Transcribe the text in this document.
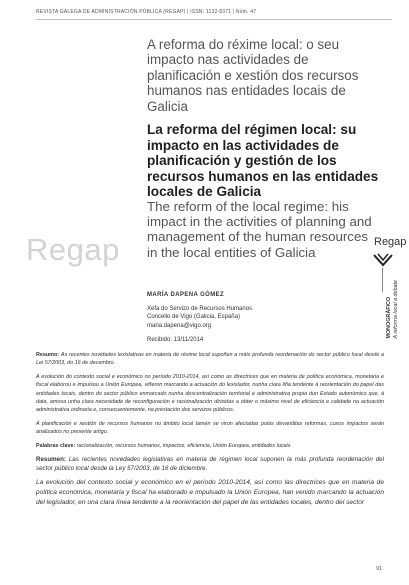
REVISTA GALEGA DE ADMINISTRACIÓN PÚBLICA (REGAP) | ISSN: 1132-8371 | Núm. 47
A reforma do réxime local: o seu impacto nas actividades de planificación e xestión dos recursos humanos nas entidades locais de Galicia
La reforma del régimen local: su impacto en las actividades de planificación y gestión de los recursos humanos en las entidades locales de Galicia
The reform of the local regime: his impact in the activities of planning and management of the human resources in the local entities of Galicia
Regap	Regap
MONOGRÁFICO A reforma local a debate
MARÍA DAPENA GÓMEZ
Xefa do Servizo de Recursos Humanos
Concello de Vigo (Galicia, España)
maria.dapena@vigo.org
Recibido: 13/11/2014

Resumo: As recentes novidades lexislativas en materia de réxime local supoñen a máis profunda reordenación do sector público local desde a Lei 57/2003, do 16 de decembro.

A evolución do contexto social e económico no período 2010-2014, así como as directrices que en materia de política económica, monetaria e fiscal elaborou e impulsou a Unión Europea, viñeron marcando a actuación do lexislador, nunha clara liña tendente á reorientación do papel das entidades locais, dentro do sector público enmarcado nunha descentralización territorial e administrativa propia dun Estado autonómico que, á data, amosa unha clara necesidade de reconfiguración e racionalización dirixidas a obter o máximo nivel de eficiencia e calidade na actuación administrativa ordinaria e, consecuentemente, na prestación dos servizos públicos.

A planificación e xestión de recursos humanos no ámbito local tamén se viron afectadas polas devanditas reformas, cuxos impactos serán analizados no presente artigo.

Palabras clave: racionalización, recursos humanos, impactos, eficiencia, Unión Europea, entidades locais.

Resumen: Las recientes novedades legislativas en materia de régimen local suponen la más profunda reordenación del sector público local desde la Ley 57/2003, de 16 de diciembre.

La evolución del contexto social y económico en el período 2010-2014, así como las directrices que en materia de política económica, monetaria y fiscal ha elaborado e impulsado la Unión Europea, han venido marcando la actuación del legislador, en una clara línea tendente a la reorientación del papel de las entidades locales, dentro del sector

91
